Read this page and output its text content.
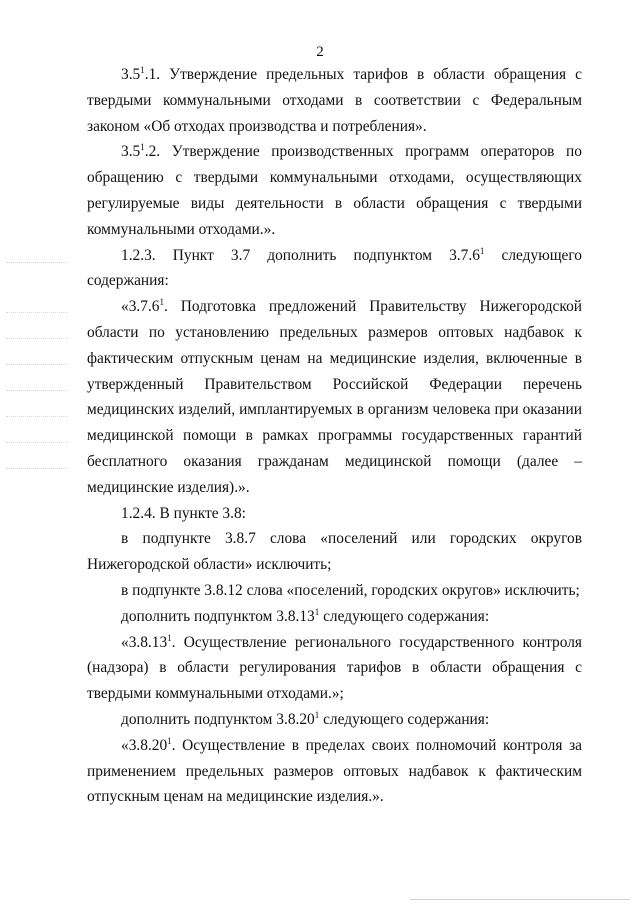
2

$3.5^1.1$. Утверждение предельных тарифов в области обращения с твердыми коммунальными отходами в соответствии с Федеральным законом «Об отходах производства и потребления».

$3.5^1.2$. Утверждение производственных программ операторов по обращению с твердыми коммунальными отходами, осуществляющих регулируемые виды деятельности в области обращения с твердыми коммунальными отходами.».

1.2.3. Пункт 3.7 дополнить подпунктом 3.7.6$^1$ следующего содержания:

«3.7.6$^1$. Подготовка предложений Правительству Нижегородской области по установлению предельных размеров оптовых надбавок к фактическим отпускным ценам на медицинские изделия, включенные в утвержденный Правительством Российской Федерации перечень медицинских изделий, имплантируемых в организм человека при оказании медицинской помощи в рамках программы государственных гарантий бесплатного оказания гражданам медицинской помощи (далее – медицинские изделия).».

1.2.4. В пункте 3.8:

в подпункте 3.8.7 слова «поселений или городских округов Нижегородской области» исключить;

в подпункте 3.8.12 слова «поселений, городских округов» исключить;

дополнить подпунктом 3.8.13$^1$ следующего содержания:

«3.8.13$^1$. Осуществление регионального государственного контроля (надзора) в области регулирования тарифов в области обращения с твердыми коммунальными отходами.»;

дополнить подпунктом 3.8.20$^1$ следующего содержания:

«3.8.20$^1$. Осуществление в пределах своих полномочий контроля за применением предельных размеров оптовых надбавок к фактическим отпускным ценам на медицинские изделия.».
